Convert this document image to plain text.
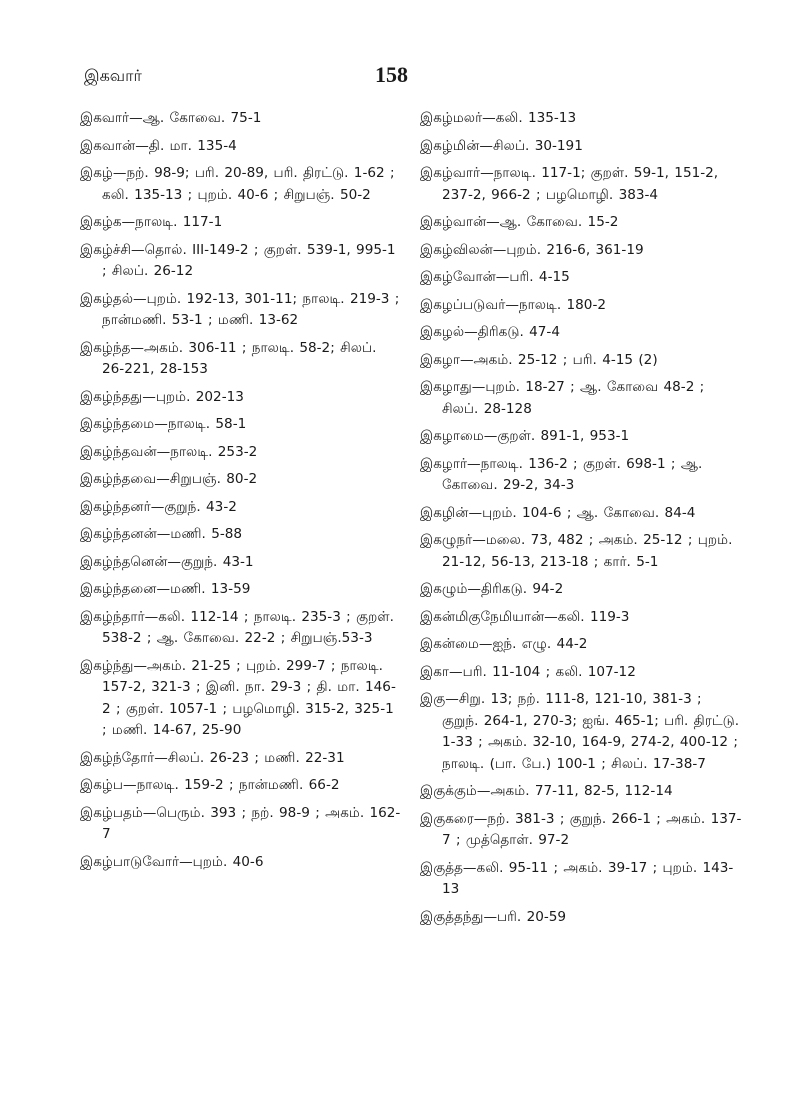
இகவார்	158
இகவார்—ஆ. கோவை. 75-1
இகவான்—தி. மா. 135-4
இகழ்—நற். 98-9; பரி. 20-89, பரி. திரட்டு. 1-62 ; கலி. 135-13 ; புறம். 40-6 ; சிறுபஞ். 50-2
இகழ்க—நாலடி. 117-1
இகழ்ச்சி—தொல். III-149-2 ; குறள். 539-1, 995-1 ; சிலப். 26-12
இகழ்தல்—புறம். 192-13, 301-11; நாலடி. 219-3 ; நான்மணி. 53-1 ; மணி. 13-62
இகழ்ந்த—அகம். 306-11 ; நாலடி. 58-2; சிலப். 26-221, 28-153
இகழ்ந்தது—புறம். 202-13
இகழ்ந்தமை—நாலடி. 58-1
இகழ்ந்தவன்—நாலடி. 253-2
இகழ்ந்தவை—சிறுபஞ். 80-2
இகழ்ந்தனர்—குறுந். 43-2
இகழ்ந்தனன்—மணி. 5-88
இகழ்ந்தனென்—குறுந். 43-1
இகழ்ந்தனை—மணி. 13-59
இகழ்ந்தார்—கலி. 112-14 ; நாலடி. 235-3 ; குறள். 538-2 ; ஆ. கோவை. 22-2 ; சிறுபஞ்.53-3
இகழ்ந்து—அகம். 21-25 ; புறம். 299-7 ; நாலடி. 157-2, 321-3 ; இனி. நா. 29-3 ; தி. மா. 146-2 ; குறள். 1057-1 ; பழமொழி. 315-2, 325-1 ; மணி. 14-67, 25-90
இகழ்ந்தோர்—சிலப். 26-23 ; மணி. 22-31
இகழ்ப—நாலடி. 159-2 ; நான்மணி. 66-2
இகழ்பதம்—பெரும். 393 ; நற். 98-9 ; அகம். 162-7
இகழ்பாடுவோர்—புறம். 40-6
இகழ்மலர்—கலி. 135-13
இகழ்மின்—சிலப். 30-191
இகழ்வார்—நாலடி. 117-1; குறள். 59-1, 151-2, 237-2, 966-2 ; பழமொழி. 383-4
இகழ்வான்—ஆ. கோவை. 15-2
இகழ்விலன்—புறம். 216-6, 361-19
இகழ்வோன்—பரி. 4-15
இகழப்படுவர்—நாலடி. 180-2
இகழல்—திரிகடு. 47-4
இகழா—அகம். 25-12 ; பரி. 4-15 (2)
இகழாது—புறம். 18-27 ; ஆ. கோவை 48-2 ; சிலப். 28-128
இகழாமை—குறள். 891-1, 953-1
இகழார்—நாலடி. 136-2 ; குறள். 698-1 ; ஆ. கோவை. 29-2, 34-3
இகழின்—புறம். 104-6 ; ஆ. கோவை. 84-4
இகழுநர்—மலை. 73, 482 ; அகம். 25-12 ; புறம். 21-12, 56-13, 213-18 ; கார். 5-1
இகழும்—திரிகடு. 94-2
இகன்மிகுநேமியான்—கலி. 119-3
இகன்மை—ஐந். எழு. 44-2
இகா—பரி. 11-104 ; கலி. 107-12
இகு—சிறு. 13; நற். 111-8, 121-10, 381-3 ; குறுந். 264-1, 270-3; ஐங். 465-1; பரி. திரட்டு. 1-33 ; அகம். 32-10, 164-9, 274-2, 400-12 ; நாலடி. (பா. பே.) 100-1 ; சிலப். 17-38-7
இகுக்கும்—அகம். 77-11, 82-5, 112-14
இகுகரை—நற். 381-3 ; குறுந். 266-1 ; அகம். 137-7 ; முத்தொள். 97-2
இகுத்த—கலி. 95-11 ; அகம். 39-17 ; புறம். 143-13
இகுத்தந்து—பரி. 20-59
